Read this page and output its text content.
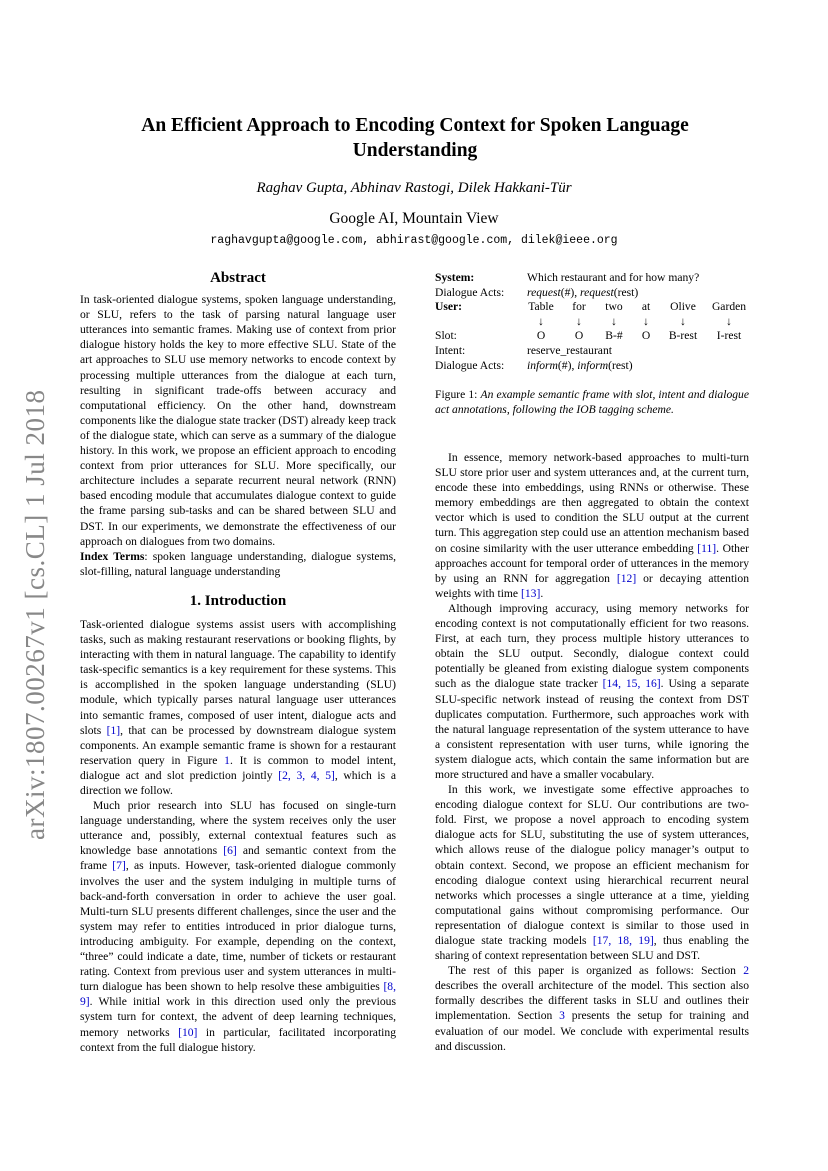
arXiv:1807.00267v1 [cs.CL] 1 Jul 2018
An Efficient Approach to Encoding Context for Spoken Language
Understanding
Raghav Gupta, Abhinav Rastogi, Dilek Hakkani-Tür
Google AI, Mountain View
raghavgupta@google.com, abhirast@google.com, dilek@ieee.org
Abstract

In task-oriented dialogue systems, spoken language understanding, or SLU, refers to the task of parsing natural language user utterances into semantic frames. Making use of context from prior dialogue history holds the key to more effective SLU. State of the art approaches to SLU use memory networks to encode context by processing multiple utterances from the dialogue at each turn, resulting in significant trade-offs between accuracy and computational efficiency. On the other hand, downstream components like the dialogue state tracker (DST) already keep track of the dialogue state, which can serve as a summary of the dialogue history. In this work, we propose an efficient approach to encoding context from prior utterances for SLU. More specifically, our architecture includes a separate recurrent neural network (RNN) based encoding module that accumulates dialogue context to guide the frame parsing sub-tasks and can be shared between SLU and DST. In our experiments, we demonstrate the effectiveness of our approach on dialogues from two domains.

Index Terms: spoken language understanding, dialogue systems, slot-filling, natural language understanding

1. Introduction

Task-oriented dialogue systems assist users with accomplishing tasks, such as making restaurant reservations or booking flights, by interacting with them in natural language. The capability to identify task-specific semantics is a key requirement for these systems. This is accomplished in the spoken language understanding (SLU) module, which typically parses natural language user utterances into semantic frames, composed of user intent, dialogue acts and slots [1], that can be processed by downstream dialogue system components. An example semantic frame is shown for a restaurant reservation query in Figure 1. It is common to model intent, dialogue act and slot prediction jointly [2, 3, 4, 5], which is a direction we follow.

Much prior research into SLU has focused on single-turn language understanding, where the system receives only the user utterance and, possibly, external contextual features such as knowledge base annotations [6] and semantic context from the frame [7], as inputs. However, task-oriented dialogue commonly involves the user and the system indulging in multiple turns of back-and-forth conversation in order to achieve the user goal. Multi-turn SLU presents different challenges, since the user and the system may refer to entities introduced in prior dialogue turns, introducing ambiguity. For example, depending on the context, “three” could indicate a date, time, number of tickets or restaurant rating. Context from previous user and system utterances in multi-turn dialogue has been shown to help resolve these ambiguities [8, 9]. While initial work in this direction used only the previous system turn for context, the advent of deep learning techniques, memory networks [10] in particular, facilitated incorporating context from the full dialogue history.

System:	Which restaurant and for how many?
Dialogue Acts:	request(#), request(rest)
User:	Table for two at Olive Garden
	↓ ↓ ↓ ↓ ↓ ↓
Slot:	O O B-# O B-rest I-rest
Intent:	reserve_restaurant
Dialogue Acts:	inform(#), inform(rest)
Figure 1: An example semantic frame with slot, intent and dialogue act annotations, following the IOB tagging scheme.

In essence, memory network-based approaches to multi-turn SLU store prior user and system utterances and, at the current turn, encode these into embeddings, using RNNs or otherwise. These memory embeddings are then aggregated to obtain the context vector which is used to condition the SLU output at the current turn. This aggregation step could use an attention mechanism based on cosine similarity with the user utterance embedding [11]. Other approaches account for temporal order of utterances in the memory by using an RNN for aggregation [12] or decaying attention weights with time [13].

Although improving accuracy, using memory networks for encoding context is not computationally efficient for two reasons. First, at each turn, they process multiple history utterances to obtain the SLU output. Secondly, dialogue context could potentially be gleaned from existing dialogue system components such as the dialogue state tracker [14, 15, 16]. Using a separate SLU-specific network instead of reusing the context from DST duplicates computation. Furthermore, such approaches work with the natural language representation of the system utterance to have a consistent representation with user turns, while ignoring the system dialogue acts, which contain the same information but are more structured and have a smaller vocabulary.

In this work, we investigate some effective approaches to encoding dialogue context for SLU. Our contributions are two-fold. First, we propose a novel approach to encoding system dialogue acts for SLU, substituting the use of system utterances, which allows reuse of the dialogue policy manager’s output to obtain context. Second, we propose an efficient mechanism for encoding dialogue context using hierarchical recurrent neural networks which processes a single utterance at a time, yielding computational gains without compromising performance. Our representation of dialogue context is similar to those used in dialogue state tracking models [17, 18, 19], thus enabling the sharing of context representation between SLU and DST.

The rest of this paper is organized as follows: Section 2 describes the overall architecture of the model. This section also formally describes the different tasks in SLU and outlines their implementation. Section 3 presents the setup for training and evaluation of our model. We conclude with experimental results and discussion.
